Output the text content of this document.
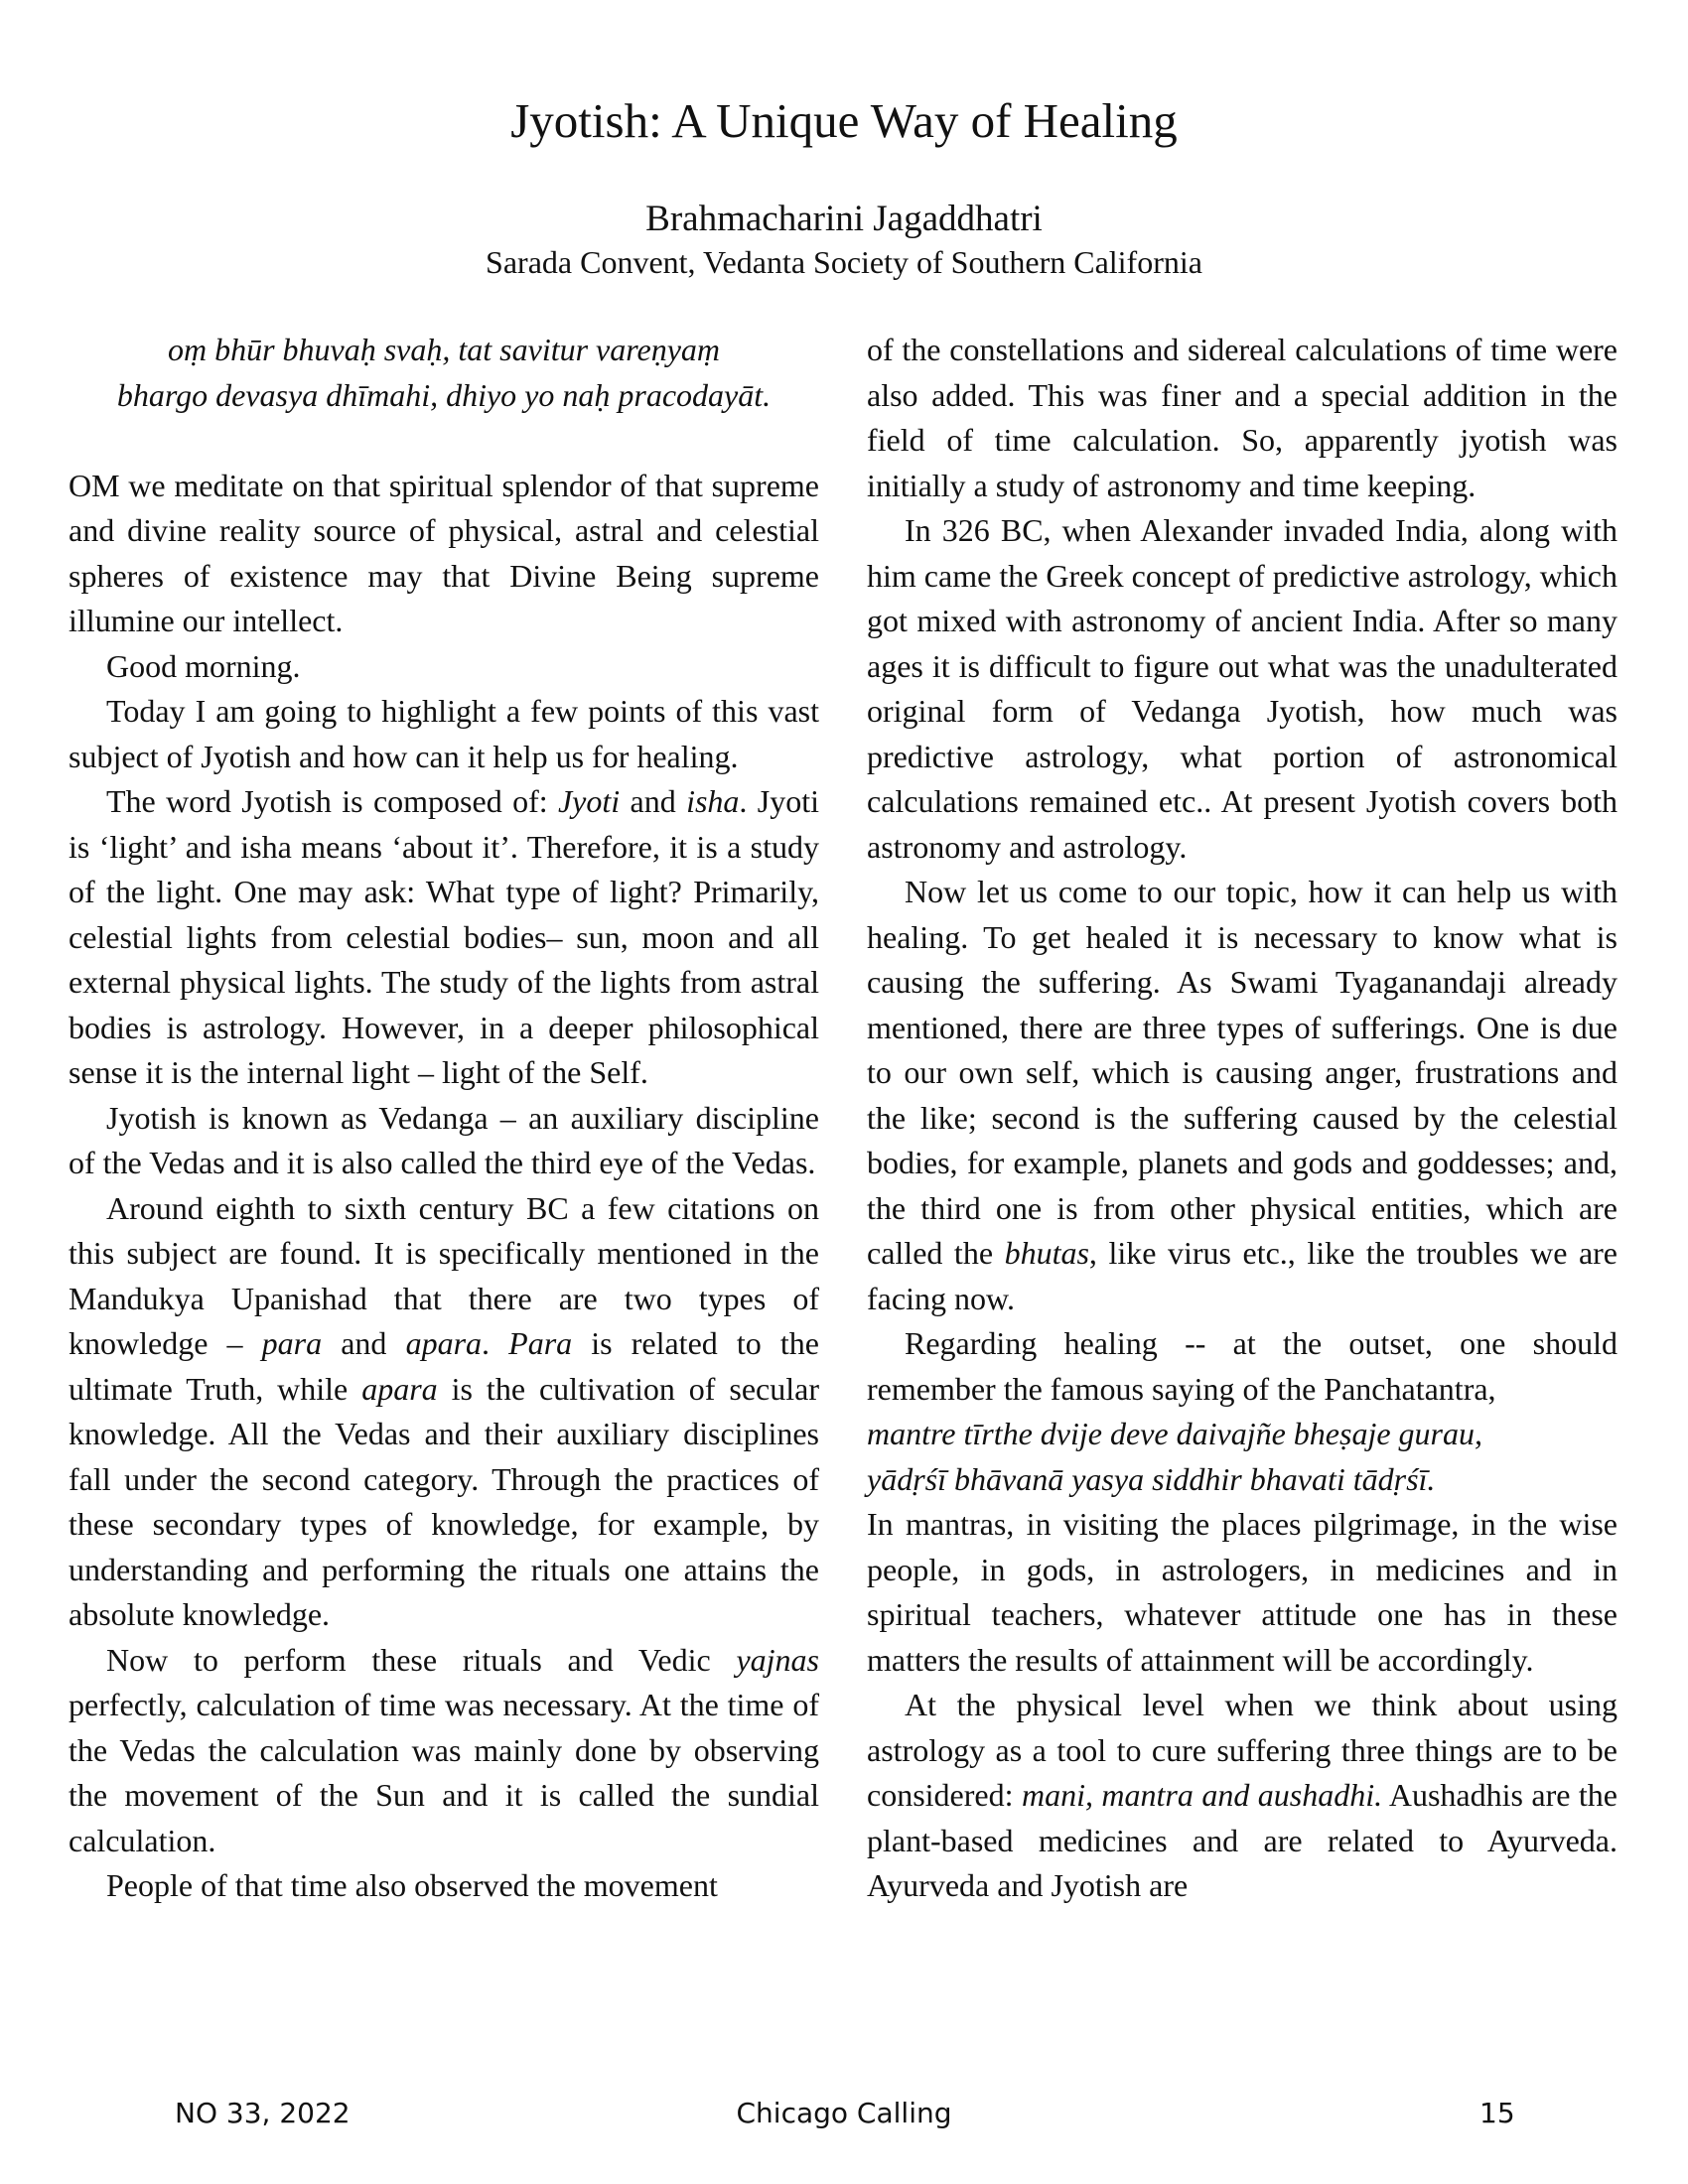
Jyotish: A Unique Way of Healing
Brahmacharini Jagaddhatri
Sarada Convent, Vedanta Society of Southern California
oṃ bhūr bhuvaḥ svaḥ, tat savitur vareṇyaṃ
bhargo devasya dhīmahi, dhiyo yo naḥ pracodayāt.

OM we meditate on that spiritual splendor of that supreme and divine reality source of physical, astral and celestial spheres of existence may that Divine Being supreme illumine our intellect.

Good morning.

Today I am going to highlight a few points of this vast subject of Jyotish and how can it help us for healing.

The word Jyotish is composed of: Jyoti and isha. Jyoti is ‘light’ and isha means ‘about it’. Therefore, it is a study of the light. One may ask: What type of light? Primarily, celestial lights from celestial bodies– sun, moon and all external physical lights. The study of the lights from astral bodies is astrology. However, in a deeper philosophical sense it is the internal light – light of the Self.

Jyotish is known as Vedanga – an auxiliary discipline of the Vedas and it is also called the third eye of the Vedas.

Around eighth to sixth century BC a few citations on this subject are found. It is specifically mentioned in the Mandukya Upanishad that there are two types of knowledge – para and apara. Para is related to the ultimate Truth, while apara is the cultivation of secular knowledge. All the Vedas and their auxiliary disciplines fall under the second category. Through the practices of these secondary types of knowledge, for example, by understanding and performing the rituals one attains the absolute knowledge.

Now to perform these rituals and Vedic yajnas perfectly, calculation of time was necessary. At the time of the Vedas the calculation was mainly done by observing the movement of the Sun and it is called the sundial calculation.

People of that time also observed the movement

of the constellations and sidereal calculations of time were also added. This was finer and a special addition in the field of time calculation. So, apparently jyotish was initially a study of astronomy and time keeping.

In 326 BC, when Alexander invaded India, along with him came the Greek concept of predictive astrology, which got mixed with astronomy of ancient India. After so many ages it is difficult to figure out what was the unadulterated original form of Vedanga Jyotish, how much was predictive astrology, what portion of astronomical calculations remained etc.. At present Jyotish covers both astronomy and astrology.

Now let us come to our topic, how it can help us with healing. To get healed it is necessary to know what is causing the suffering. As Swami Tyaganandaji already mentioned, there are three types of sufferings. One is due to our own self, which is causing anger, frustrations and the like; second is the suffering caused by the celestial bodies, for example, planets and gods and goddesses; and, the third one is from other physical entities, which are called the bhutas, like virus etc., like the troubles we are facing now.

Regarding healing -- at the outset, one should remember the famous saying of the Panchatantra,

mantre tīrthe dvije deve daivajñe bheṣaje gurau,
yādṛśī bhāvanā yasya siddhir bhavati tādṛśī.

In mantras, in visiting the places pilgrimage, in the wise people, in gods, in astrologers, in medicines and in spiritual teachers, whatever attitude one has in these matters the results of attainment will be accordingly.

At the physical level when we think about using astrology as a tool to cure suffering three things are to be considered: mani, mantra and aushadhi. Aushadhis are the plant-based medicines and are related to Ayurveda. Ayurveda and Jyotish are

NO 33, 2022	Chicago Calling	15
